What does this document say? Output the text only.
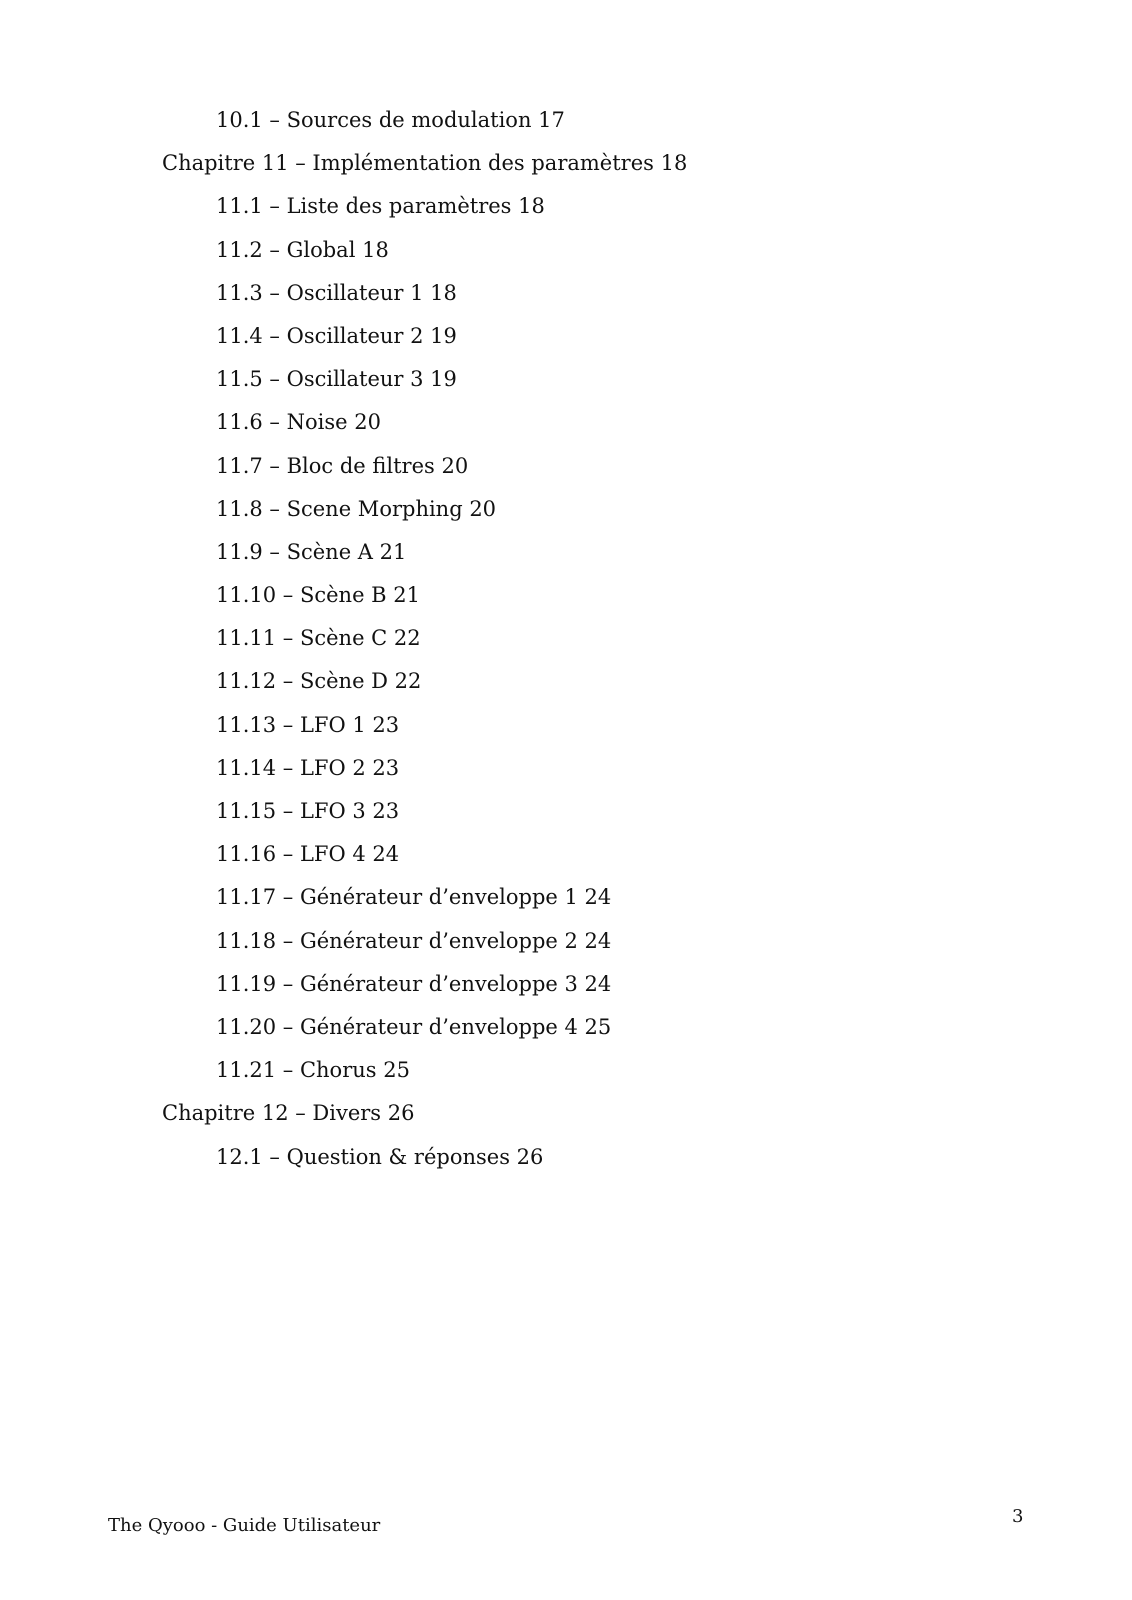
10.1 – Sources de modulation 17
Chapitre 11 – Implémentation des paramètres 18
11.1 – Liste des paramètres 18
11.2 – Global 18
11.3 – Oscillateur 1 18
11.4 – Oscillateur 2 19
11.5 – Oscillateur 3 19
11.6 – Noise 20
11.7 – Bloc de filtres 20
11.8 – Scene Morphing 20
11.9 – Scène A 21
11.10 – Scène B 21
11.11 – Scène C 22
11.12 – Scène D 22
11.13 – LFO 1 23
11.14 – LFO 2 23
11.15 – LFO 3 23
11.16 – LFO 4 24
11.17 – Générateur d’enveloppe 1 24
11.18 – Générateur d’enveloppe 2 24
11.19 – Générateur d’enveloppe 3 24
11.20 – Générateur d’enveloppe 4 25
11.21 – Chorus 25
Chapitre 12 – Divers 26
12.1 – Question & réponses 26
The Qyooo - Guide Utilisateur	3
